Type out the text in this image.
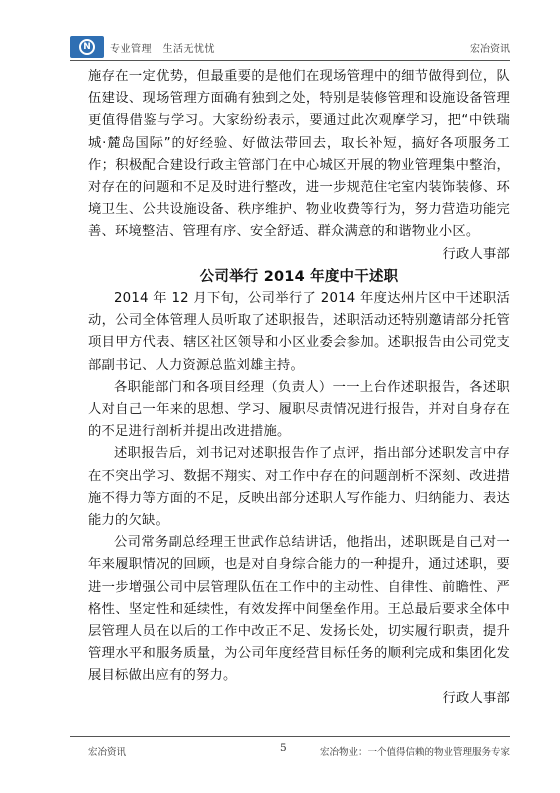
N	专业管理　生活无忧忧	宏冶资讯

施存在一定优势，但最重要的是他们在现场管理中的细节做得到位，队伍建设、现场管理方面确有独到之处，特别是装修管理和设施设备管理更值得借鉴与学习。大家纷纷表示，要通过此次观摩学习，把“中铁瑞城·麓岛国际”的好经验、好做法带回去，取长补短，搞好各项服务工作；积极配合建设行政主管部门在中心城区开展的物业管理集中整治，对存在的问题和不足及时进行整改，进一步规范住宅室内装饰装修、环境卫生、公共设施设备、秩序维护、物业收费等行为，努力营造功能完善、环境整洁、管理有序、安全舒适、群众满意的和谐物业小区。

行政人事部

公司举行 2014 年度中干述职

2014 年 12 月下旬，公司举行了 2014 年度达州片区中干述职活动，公司全体管理人员听取了述职报告，述职活动还特别邀请部分托管项目甲方代表、辖区社区领导和小区业委会参加。述职报告由公司党支部副书记、人力资源总监刘雄主持。

各职能部门和各项目经理（负责人）一一上台作述职报告，各述职人对自己一年来的思想、学习、履职尽责情况进行报告，并对自身存在的不足进行剖析并提出改进措施。

述职报告后，刘书记对述职报告作了点评，指出部分述职发言中存在不突出学习、数据不翔实、对工作中存在的问题剖析不深刻、改进措施不得力等方面的不足，反映出部分述职人写作能力、归纳能力、表达能力的欠缺。

公司常务副总经理王世武作总结讲话，他指出，述职既是自己对一年来履职情况的回顾，也是对自身综合能力的一种提升，通过述职，要进一步增强公司中层管理队伍在工作中的主动性、自律性、前瞻性、严格性、坚定性和延续性，有效发挥中间堡垒作用。王总最后要求全体中层管理人员在以后的工作中改正不足、发扬长处，切实履行职责，提升管理水平和服务质量，为公司年度经营目标任务的顺利完成和集团化发展目标做出应有的努力。

行政人事部

宏冶资讯	5	宏冶物业：一个值得信赖的物业管理服务专家
